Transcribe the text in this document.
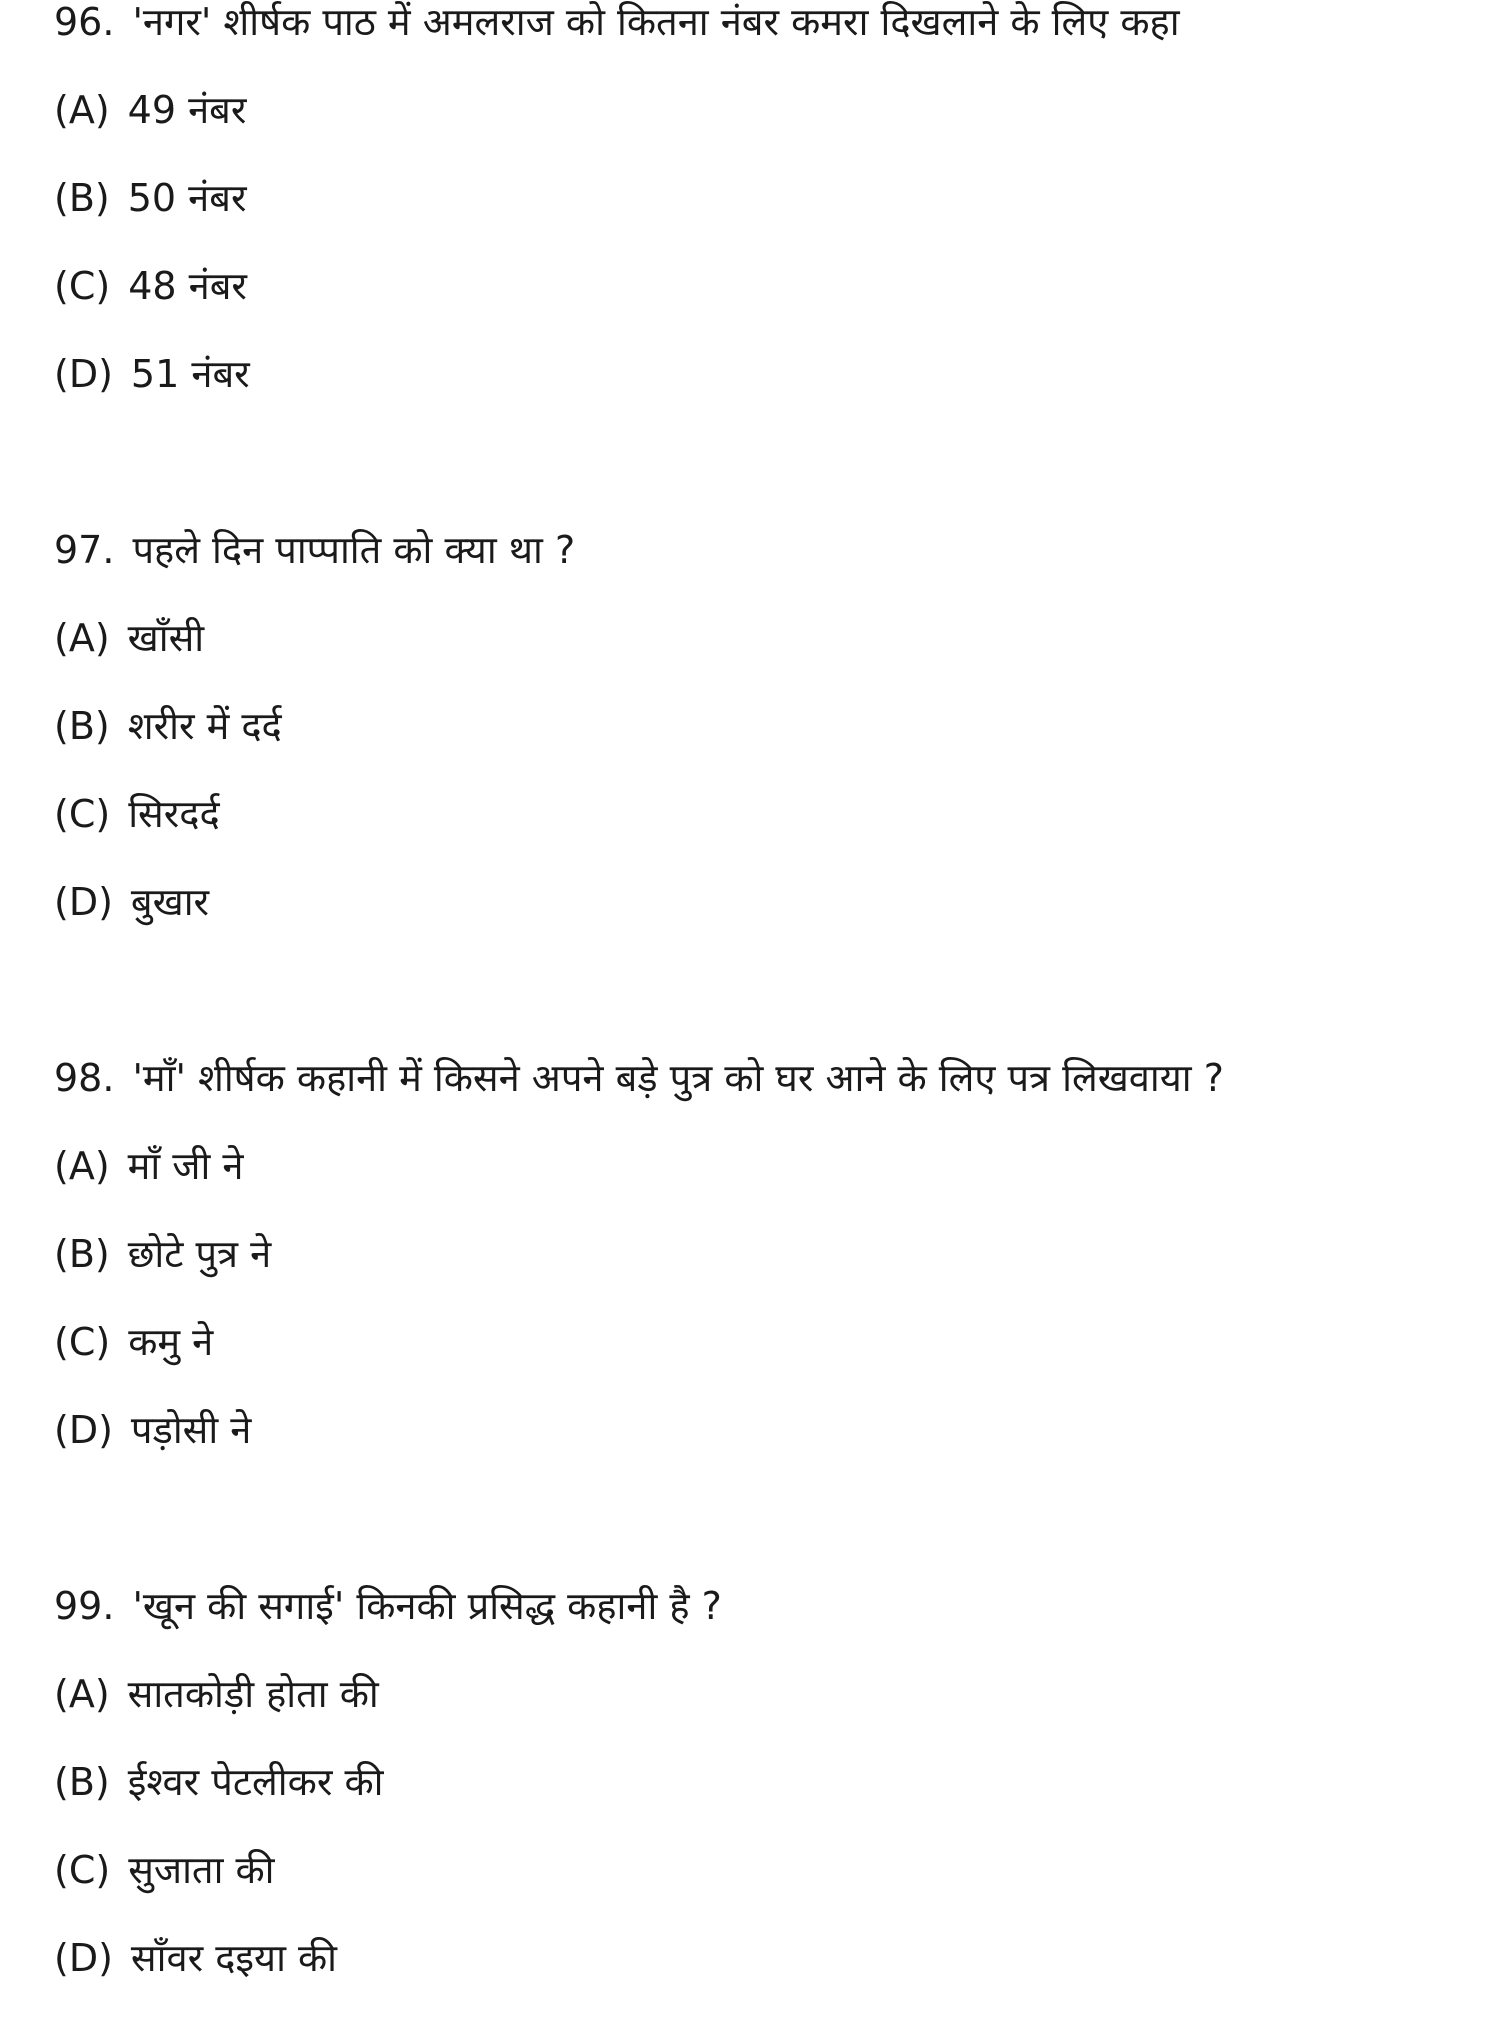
96. 'नगर' शीर्षक पाठ में अमलराज को कितना नंबर कमरा दिखलाने के लिए कहा
(A) 49 नंबर
(B) 50 नंबर
(C) 48 नंबर
(D) 51 नंबर
97. पहले दिन पाप्पाति को क्या था ?
(A) खाँसी
(B) शरीर में दर्द
(C) सिरदर्द
(D) बुखार
98. 'माँ' शीर्षक कहानी में किसने अपने बड़े पुत्र को घर आने के लिए पत्र लिखवाया ?
(A) माँ जी ने
(B) छोटे पुत्र ने
(C) कमु ने
(D) पड़ोसी ने
99. 'खून की सगाई' किनकी प्रसिद्ध कहानी है ?
(A) सातकोड़ी होता की
(B) ईश्वर पेटलीकर की
(C) सुजाता की
(D) साँवर दइया की
